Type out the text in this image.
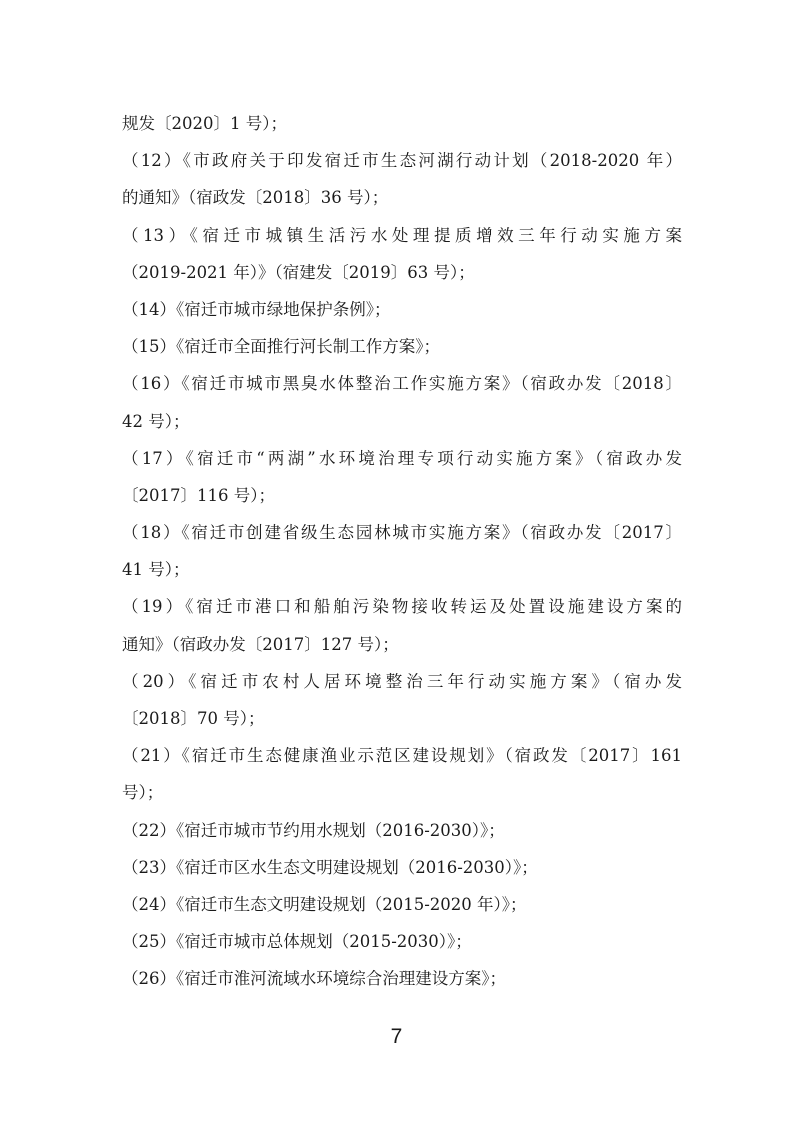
规发〔2020〕1 号）；
（12）《市政府关于印发宿迁市生态河湖行动计划（2018-2020 年）
的通知》（宿政发〔2018〕36 号）；
（13）《宿迁市城镇生活污水处理提质增效三年行动实施方案
（2019-2021 年）》（宿建发〔2019〕63 号）；
（14）《宿迁市城市绿地保护条例》；
（15）《宿迁市全面推行河长制工作方案》；
（16）《宿迁市城市黑臭水体整治工作实施方案》（宿政办发〔2018〕
42 号）；
（17）《宿迁市“两湖”水环境治理专项行动实施方案》（宿政办发
〔2017〕116 号）；
（18）《宿迁市创建省级生态园林城市实施方案》（宿政办发〔2017〕
41 号）；
（19）《宿迁市港口和船舶污染物接收转运及处置设施建设方案的
通知》（宿政办发〔2017〕127 号）；
（20）《宿迁市农村人居环境整治三年行动实施方案》（宿办发
〔2018〕70 号）；
（21）《宿迁市生态健康渔业示范区建设规划》（宿政发〔2017〕161
号）；
（22）《宿迁市城市节约用水规划（2016-2030）》；
（23）《宿迁市区水生态文明建设规划（2016-2030）》；
（24）《宿迁市生态文明建设规划（2015-2020 年）》；
（25）《宿迁市城市总体规划（2015-2030）》；
（26）《宿迁市淮河流域水环境综合治理建设方案》；
7
